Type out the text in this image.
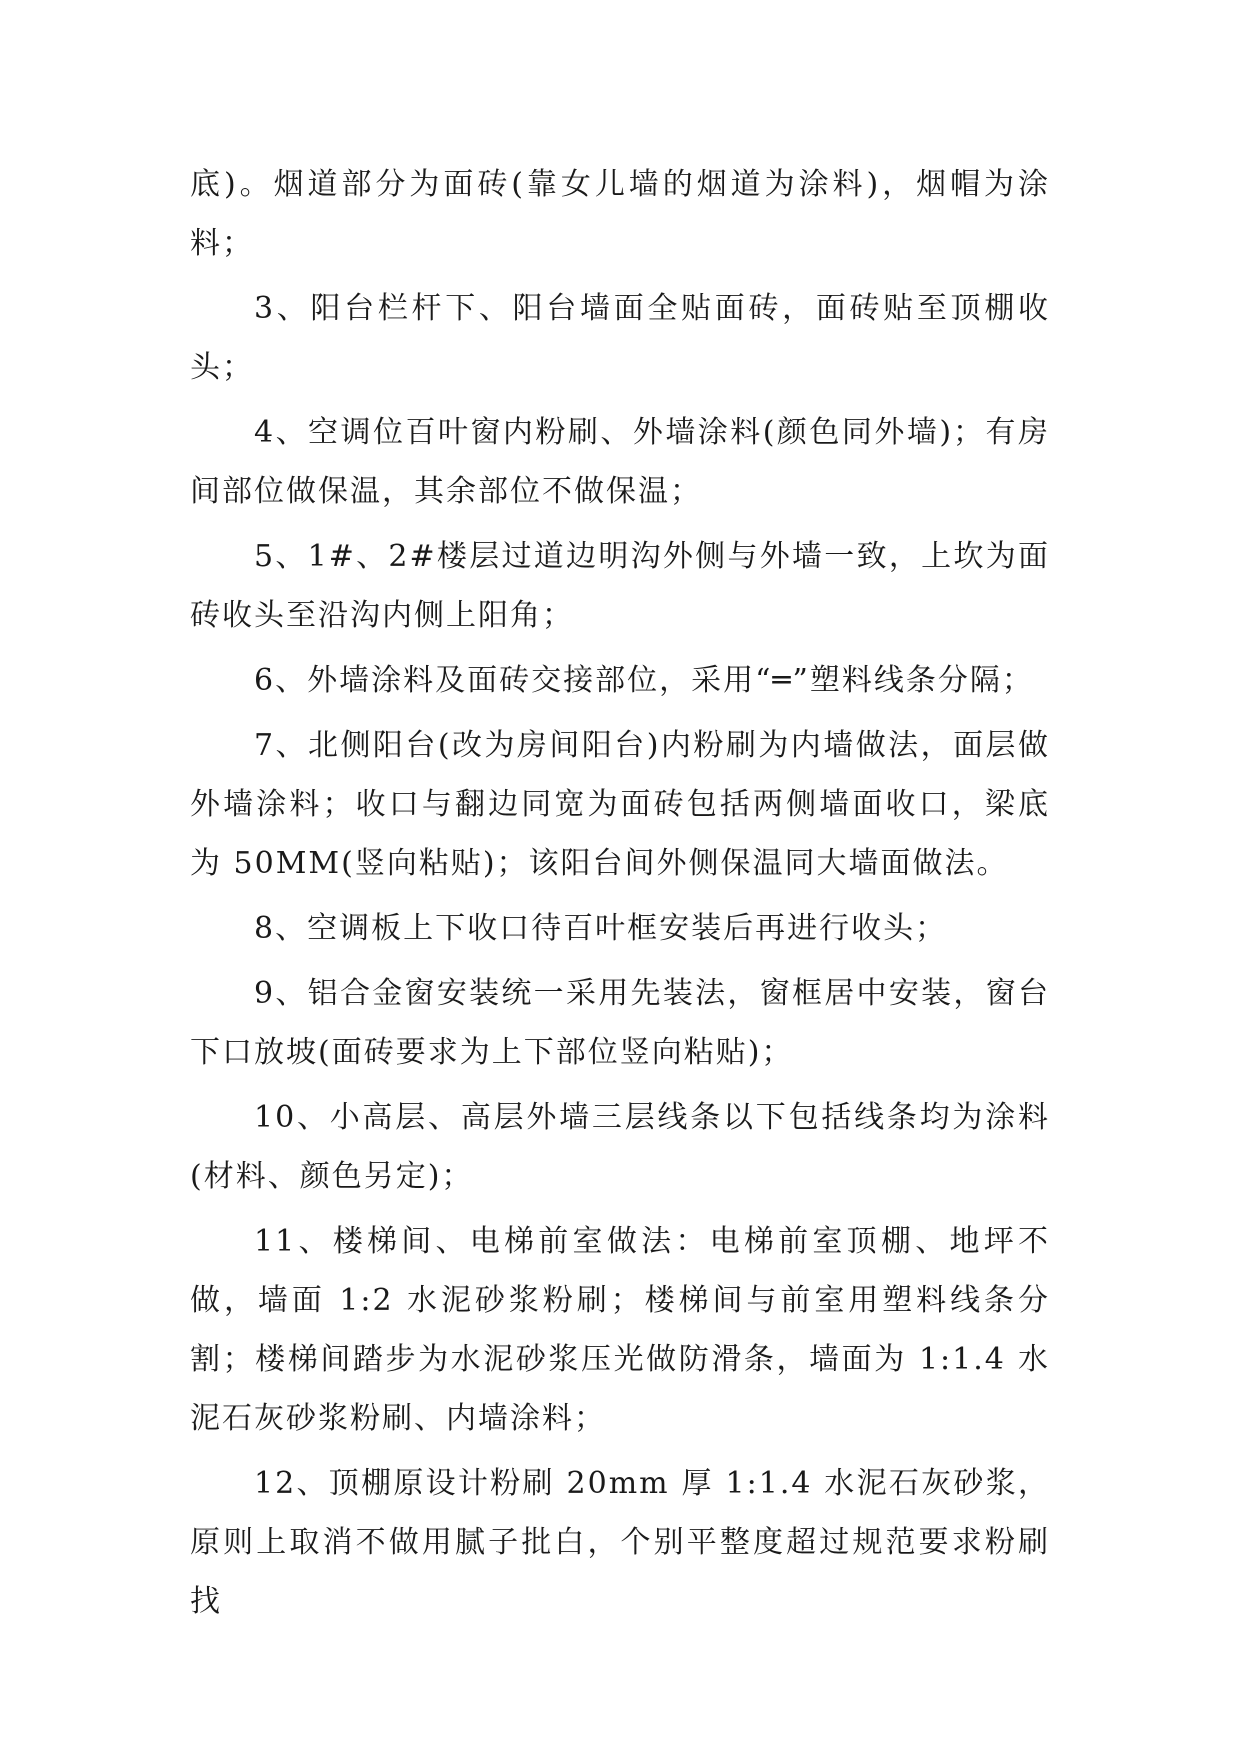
底)。烟道部分为面砖(靠女儿墙的烟道为涂料)，烟帽为涂料；

3、阳台栏杆下、阳台墙面全贴面砖，面砖贴至顶棚收头；

4、空调位百叶窗内粉刷、外墙涂料(颜色同外墙)；有房间部位做保温，其余部位不做保温；

5、1#、2#楼层过道边明沟外侧与外墙一致，上坎为面砖收头至沿沟内侧上阳角；

6、外墙涂料及面砖交接部位，采用“═”塑料线条分隔；

7、北侧阳台(改为房间阳台)内粉刷为内墙做法，面层做外墙涂料；收口与翻边同宽为面砖包括两侧墙面收口，梁底为 50MM(竖向粘贴)；该阳台间外侧保温同大墙面做法。

8、空调板上下收口待百叶框安装后再进行收头；

9、铝合金窗安装统一采用先装法，窗框居中安装，窗台下口放坡(面砖要求为上下部位竖向粘贴)；

10、小高层、高层外墙三层线条以下包括线条均为涂料(材料、颜色另定)；

11、楼梯间、电梯前室做法：电梯前室顶棚、地坪不做，墙面 1:2 水泥砂浆粉刷；楼梯间与前室用塑料线条分割；楼梯间踏步为水泥砂浆压光做防滑条，墙面为 1:1.4 水泥石灰砂浆粉刷、内墙涂料；

12、顶棚原设计粉刷 20mm 厚 1:1.4 水泥石灰砂浆，原则上取消不做用腻子批白，个别平整度超过规范要求粉刷找
